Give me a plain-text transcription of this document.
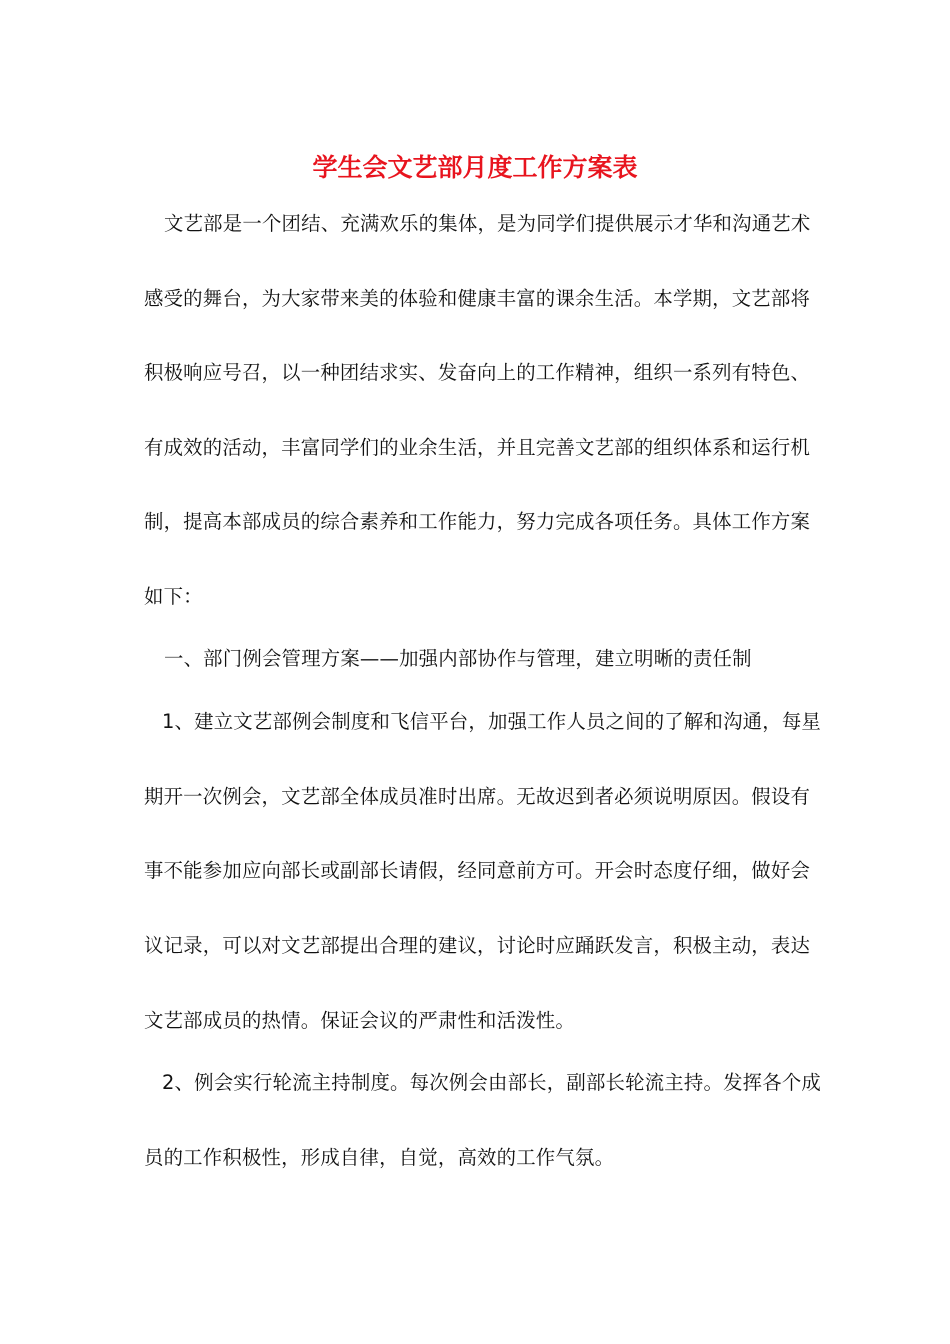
学生会文艺部月度工作方案表
文艺部是一个团结、充满欢乐的集体，是为同学们提供展示才华和沟通艺术
感受的舞台，为大家带来美的体验和健康丰富的课余生活。本学期，文艺部将
积极响应号召，以一种团结求实、发奋向上的工作精神，组织一系列有特色、
有成效的活动，丰富同学们的业余生活，并且完善文艺部的组织体系和运行机
制，提高本部成员的综合素养和工作能力，努力完成各项任务。具体工作方案
如下：
一、部门例会管理方案——加强内部协作与管理，建立明晰的责任制
1、建立文艺部例会制度和飞信平台，加强工作人员之间的了解和沟通，每星
期开一次例会，文艺部全体成员准时出席。无故迟到者必须说明原因。假设有
事不能参加应向部长或副部长请假，经同意前方可。开会时态度仔细，做好会
议记录，可以对文艺部提出合理的建议，讨论时应踊跃发言，积极主动，表达
文艺部成员的热情。保证会议的严肃性和活泼性。
2、例会实行轮流主持制度。每次例会由部长，副部长轮流主持。发挥各个成
员的工作积极性，形成自律，自觉，高效的工作气氛。
